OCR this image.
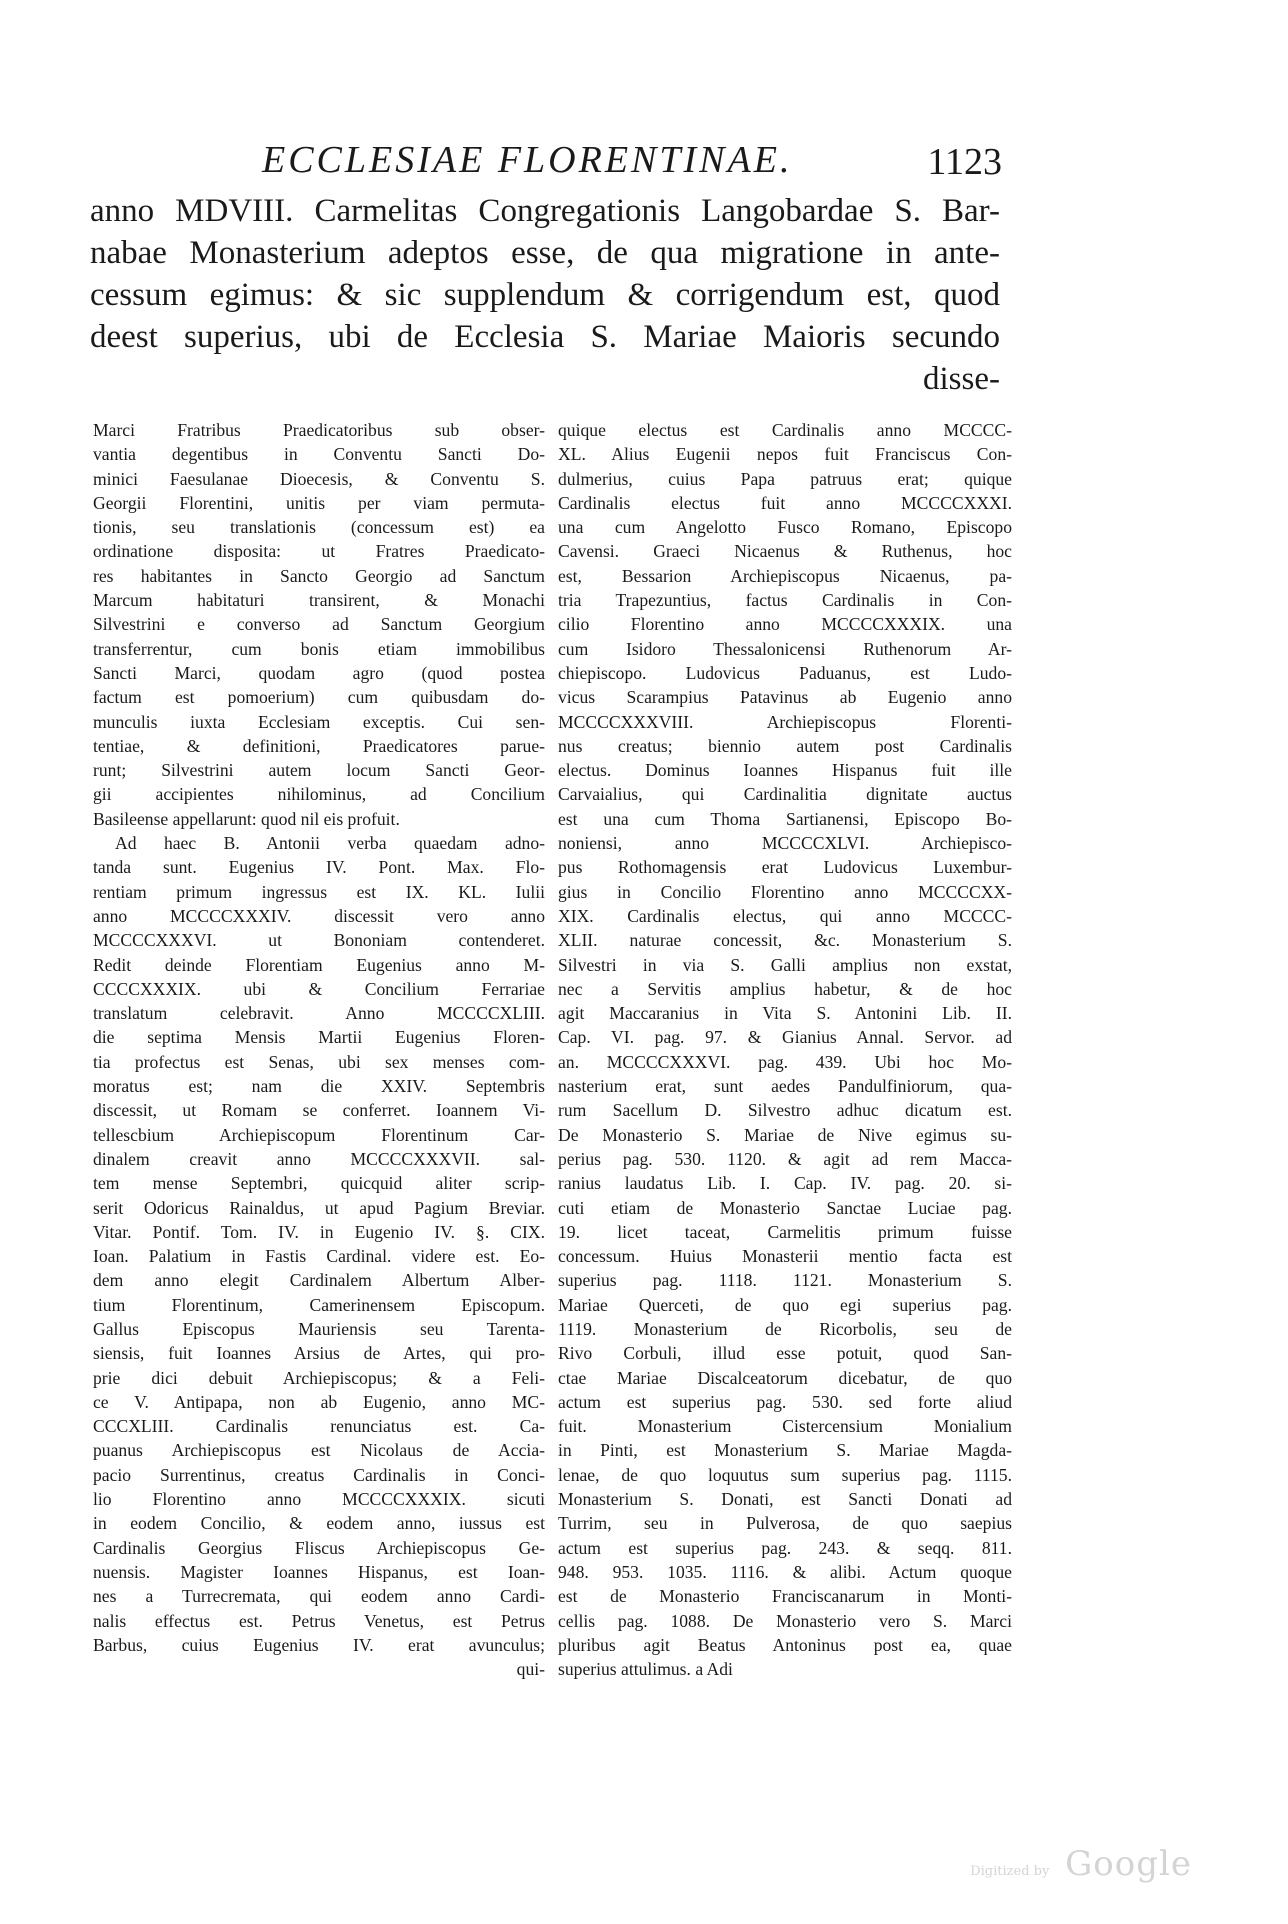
ECCLESIAE FLORENTINAE.	1123
anno MDVIII. Carmelitas Congregationis Langobardae S. Bar-
nabae Monasterium adeptos esse, de qua migratione in ante-
cessum egimus: & sic supplendum & corrigendum est, quod
deest superius, ubi de Ecclesia S. Mariae Maioris secundo
disse-
Marci Fratribus Praedicatoribus sub obser-
vantia degentibus in Conventu Sancti Do-
minici Faesulanae Dioecesis, & Conventu S.
Georgii Florentini, unitis per viam permuta-
tionis, seu translationis (concessum est) ea
ordinatione disposita: ut Fratres Praedicato-
res habitantes in Sancto Georgio ad Sanctum
Marcum habitaturi transirent, & Monachi
Silvestrini e converso ad Sanctum Georgium
transferrentur, cum bonis etiam immobilibus
Sancti Marci, quodam agro (quod postea
factum est pomoerium) cum quibusdam do-
munculis iuxta Ecclesiam exceptis. Cui sen-
tentiae, & definitioni, Praedicatores parue-
runt; Silvestrini autem locum Sancti Geor-
gii accipientes nihilominus, ad Concilium
Basileense appellarunt: quod nil eis profuit.
Ad haec B. Antonii verba quaedam adno-
tanda sunt. Eugenius IV. Pont. Max. Flo-
rentiam primum ingressus est IX. KL. Iulii
anno MCCCCXXXIV. discessit vero anno
MCCCCXXXVI. ut Bononiam contenderet.
Redit deinde Florentiam Eugenius anno M-
CCCCXXXIX. ubi & Concilium Ferrariae
translatum celebravit. Anno MCCCCXLIII.
die septima Mensis Martii Eugenius Floren-
tia profectus est Senas, ubi sex menses com-
moratus est; nam die XXIV. Septembris
discessit, ut Romam se conferret. Ioannem Vi-
tellescbium Archiepiscopum Florentinum Car-
dinalem creavit anno MCCCCXXXVII. sal-
tem mense Septembri, quicquid aliter scrip-
serit Odoricus Rainaldus, ut apud Pagium Breviar.
Vitar. Pontif. Tom. IV. in Eugenio IV. §. CIX.
Ioan. Palatium in Fastis Cardinal. videre est. Eo-
dem anno elegit Cardinalem Albertum Alber-
tium Florentinum, Camerinensem Episcopum.
Gallus Episcopus Mauriensis seu Tarenta-
siensis, fuit Ioannes Arsius de Artes, qui pro-
prie dici debuit Archiepiscopus; & a Feli-
ce V. Antipapa, non ab Eugenio, anno MC-
CCCXLIII. Cardinalis renunciatus est. Ca-
puanus Archiepiscopus est Nicolaus de Accia-
pacio Surrentinus, creatus Cardinalis in Conci-
lio Florentino anno MCCCCXXXIX. sicuti
in eodem Concilio, & eodem anno, iussus est
Cardinalis Georgius Fliscus Archiepiscopus Ge-
nuensis. Magister Ioannes Hispanus, est Ioan-
nes a Turrecremata, qui eodem anno Cardi-
nalis effectus est. Petrus Venetus, est Petrus
Barbus, cuius Eugenius IV. erat avunculus;
qui-
quique electus est Cardinalis anno MCCCC-
XL. Alius Eugenii nepos fuit Franciscus Con-
dulmerius, cuius Papa patruus erat; quique
Cardinalis electus fuit anno MCCCCXXXI.
una cum Angelotto Fusco Romano, Episcopo
Cavensi. Graeci Nicaenus & Ruthenus, hoc
est, Bessarion Archiepiscopus Nicaenus, pa-
tria Trapezuntius, factus Cardinalis in Con-
cilio Florentino anno MCCCCXXXIX. una
cum Isidoro Thessalonicensi Ruthenorum Ar-
chiepiscopo. Ludovicus Paduanus, est Ludo-
vicus Scarampius Patavinus ab Eugenio anno
MCCCCXXXVIII. Archiepiscopus Florenti-
nus creatus; biennio autem post Cardinalis
electus. Dominus Ioannes Hispanus fuit ille
Carvaialius, qui Cardinalitia dignitate auctus
est una cum Thoma Sartianensi, Episcopo Bo-
noniensi, anno MCCCCXLVI. Archiepisco-
pus Rothomagensis erat Ludovicus Luxembur-
gius in Concilio Florentino anno MCCCCXX-
XIX. Cardinalis electus, qui anno MCCCC-
XLII. naturae concessit, &c. Monasterium S.
Silvestri in via S. Galli amplius non exstat,
nec a Servitis amplius habetur, & de hoc
agit Maccaranius in Vita S. Antonini Lib. II.
Cap. VI. pag. 97. & Gianius Annal. Servor. ad
an. MCCCCXXXVI. pag. 439. Ubi hoc Mo-
nasterium erat, sunt aedes Pandulfiniorum, qua-
rum Sacellum D. Silvestro adhuc dicatum est.
De Monasterio S. Mariae de Nive egimus su-
perius pag. 530. 1120. & agit ad rem Macca-
ranius laudatus Lib. I. Cap. IV. pag. 20. si-
cuti etiam de Monasterio Sanctae Luciae pag.
19. licet taceat, Carmelitis primum fuisse
concessum. Huius Monasterii mentio facta est
superius pag. 1118. 1121. Monasterium S.
Mariae Querceti, de quo egi superius pag.
1119. Monasterium de Ricorbolis, seu de
Rivo Corbuli, illud esse potuit, quod San-
ctae Mariae Discalceatorum dicebatur, de quo
actum est superius pag. 530. sed forte aliud
fuit. Monasterium Cistercensium Monialium
in Pinti, est Monasterium S. Mariae Magda-
lenae, de quo loquutus sum superius pag. 1115.
Monasterium S. Donati, est Sancti Donati ad
Turrim, seu in Pulverosa, de quo saepius
actum est superius pag. 243. & seqq. 811.
948. 953. 1035. 1116. & alibi. Actum quoque
est de Monasterio Franciscanarum in Monti-
cellis pag. 1088. De Monasterio vero S. Marci
pluribus agit Beatus Antoninus post ea, quae
superius attulimus. a Adi
Digitized by Google
